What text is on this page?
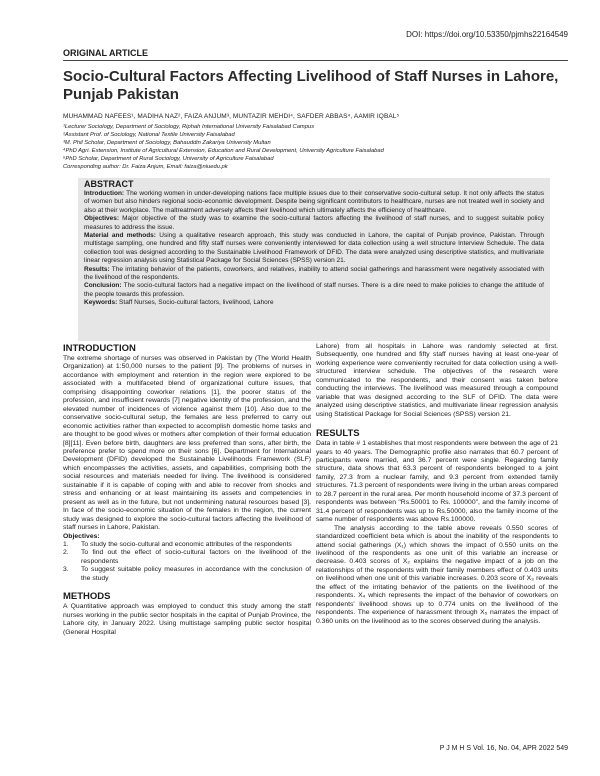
DOI: https://doi.org/10.53350/pjmhs22164549
ORIGINAL ARTICLE
Socio-Cultural Factors Affecting Livelihood of Staff Nurses in Lahore, Punjab Pakistan
MUHAMMAD NAFEES¹, MADIHA NAZ², FAIZA ANJUM³, MUNTAZIR MEHDI⁴, SAFDER ABBAS⁴, AAMIR IQBAL⁵
¹Lecturer Sociology, Department of Sociology, Riphah International University Faisalabad Campus
²Assistant Prof. of Sociology, National Textile University Faisalabad
³M. Phil Scholar, Department of Sociology, Bahauddin Zakariya University Multan
⁴PhD Agri. Extension, Institute of Agricultural Extension, Education and Rural Development, University Agriculture Faisalabad
⁵PhD Scholar, Department of Rural Sociology, University of Agriculture Faisalabad
Corresponding author: Dr. Faiza Anjum, Email: faiza@niuedu.pk
ABSTRACT
Introduction: The working women in under-developing nations face multiple issues due to their conservative socio-cultural setup. It not only affects the status of women but also hinders regional socio-economic development. Despite being significant contributors to healthcare, nurses are not treated well in society and also at their workplace. The maltreatment adversely affects their livelihood which ultimately affects the efficiency of healthcare.
Objectives: Major objective of the study was to examine the socio-cultural factors affecting the livelihood of staff nurses, and to suggest suitable policy measures to address the issue.
Material and methods: Using a qualitative research approach, this study was conducted in Lahore, the capital of Punjab province, Pakistan. Through multistage sampling, one hundred and fifty staff nurses were conveniently interviewed for data collection using a well structure Interview Schedule. The data collection tool was designed according to the Sustainable Livelihood Framework of DFID. The data were analyzed using descriptive statistics, and multivariate linear regression analysis using Statistical Package for Social Sciences (SPSS) version 21.
Results: The irritating behavior of the patients, coworkers, and relatives, inability to attend social gatherings and harassment were negatively associated with the livelihood of the respondents.
Conclusion: The socio-cultural factors had a negative impact on the livelihood of staff nurses. There is a dire need to make policies to change the attitude of the people towards this profession.
Keywords: Staff Nurses, Socio-cultural factors, livelihood, Lahore
INTRODUCTION

The extreme shortage of nurses was observed in Pakistan by (The World Health Organization) at 1:50,000 nurses to the patient [9]. The problems of nurses in accordance with employment and retention in the region were explored to be associated with a multifaceted blend of organizational culture issues, that comprising disappointing coworker relations [1], the poorer status of the profession, and insufficient rewards [7] negative identity of the profession, and the elevated number of incidences of violence against them [10]. Also due to the conservative socio-cultural setup, the females are less preferred to carry out economic activities rather than expected to accomplish domestic home tasks and are thought to be good wives or mothers after completion of their formal education [8][11]. Even before birth, daughters are less preferred than sons, after birth, the preference prefer to spend more on their sons [6]. Department for International Development (DFID) developed the Sustainable Livelihoods Framework (SLF) which encompasses the activities, assets, and capabilities, comprising both the social resources and materials needed for living. The livelihood is considered sustainable if it is capable of coping with and able to recover from shocks and stress and enhancing or at least maintaining its assets and competencies in present as well as in the future, but not undermining natural resources based [3]. In face of the socio-economic situation of the females in the region, the current study was designed to explore the socio-cultural factors affecting the livelihood of staff nurses in Lahore, Pakistan.

Objectives:

1.	To study the socio-cultural and economic attributes of the respondents
2.	To find out the effect of socio-cultural factors on the livelihood of the respondents
3.	To suggest suitable policy measures in accordance with the conclusion of the study
METHODS

A Quantitative approach was employed to conduct this study among the staff nurses working in the public sector hospitals in the capital of Punjab Province, the Lahore city, in January 2022. Using multistage sampling public sector hospital (General Hospital

Lahore) from all hospitals in Lahore was randomly selected at first. Subsequently, one hundred and fifty staff nurses having at least one-year of working experience were conveniently recruited for data collection using a well-structured interview schedule. The objectives of the research were communicated to the respondents, and their consent was taken before conducting the interviews. The livelihood was measured through a compound variable that was designed according to the SLF of DFID. The data were analyzed using descriptive statistics, and multivariate linear regression analysis using Statistical Package for Social Sciences (SPSS) version 21.

RESULTS

Data in table # 1 establishes that most respondents were between the age of 21 years to 40 years. The Demographic profile also narrates that 60.7 percent of participants were married, and 36.7 percent were single. Regarding family structure, data shows that 63.3 percent of respondents belonged to a joint family, 27.3 from a nuclear family, and 9.3 percent from extended family structures. 71.3 percent of respondents were living in the urban areas compared to 28.7 percent in the rural area. Per month household income of 37.3 percent of respondents was between "Rs.50001 to Rs. 100000", and the family income of 31.4 percent of respondents was up to Rs.50000, also the family income of the same number of respondents was above Rs.100000.

The analysis according to the table above reveals 0.550 scores of standardized coefficient beta which is about the inability of the respondents to attend social gatherings (X₁) which shows the impact of 0.550 units on the livelihood of the respondents as one unit of this variable an increase or decrease. 0.403 scores of X₂ explains the negative impact of a job on the relationships of the respondents with their family members effect of 0.403 units on livelihood when one unit of this variable increases. 0.203 score of X₃ reveals the effect of the irritating behavior of the patients on the livelihood of the respondents. X₄ which represents the impact of the behavior of coworkers on respondents' livelihood shows up to 0.774 units on the livelihood of the respondents. The experience of harassment through X₅ narrates the impact of 0.360 units on the livelihood as to the scores observed during the analysis.

P J M H S Vol. 16, No. 04, APR 2022 549
